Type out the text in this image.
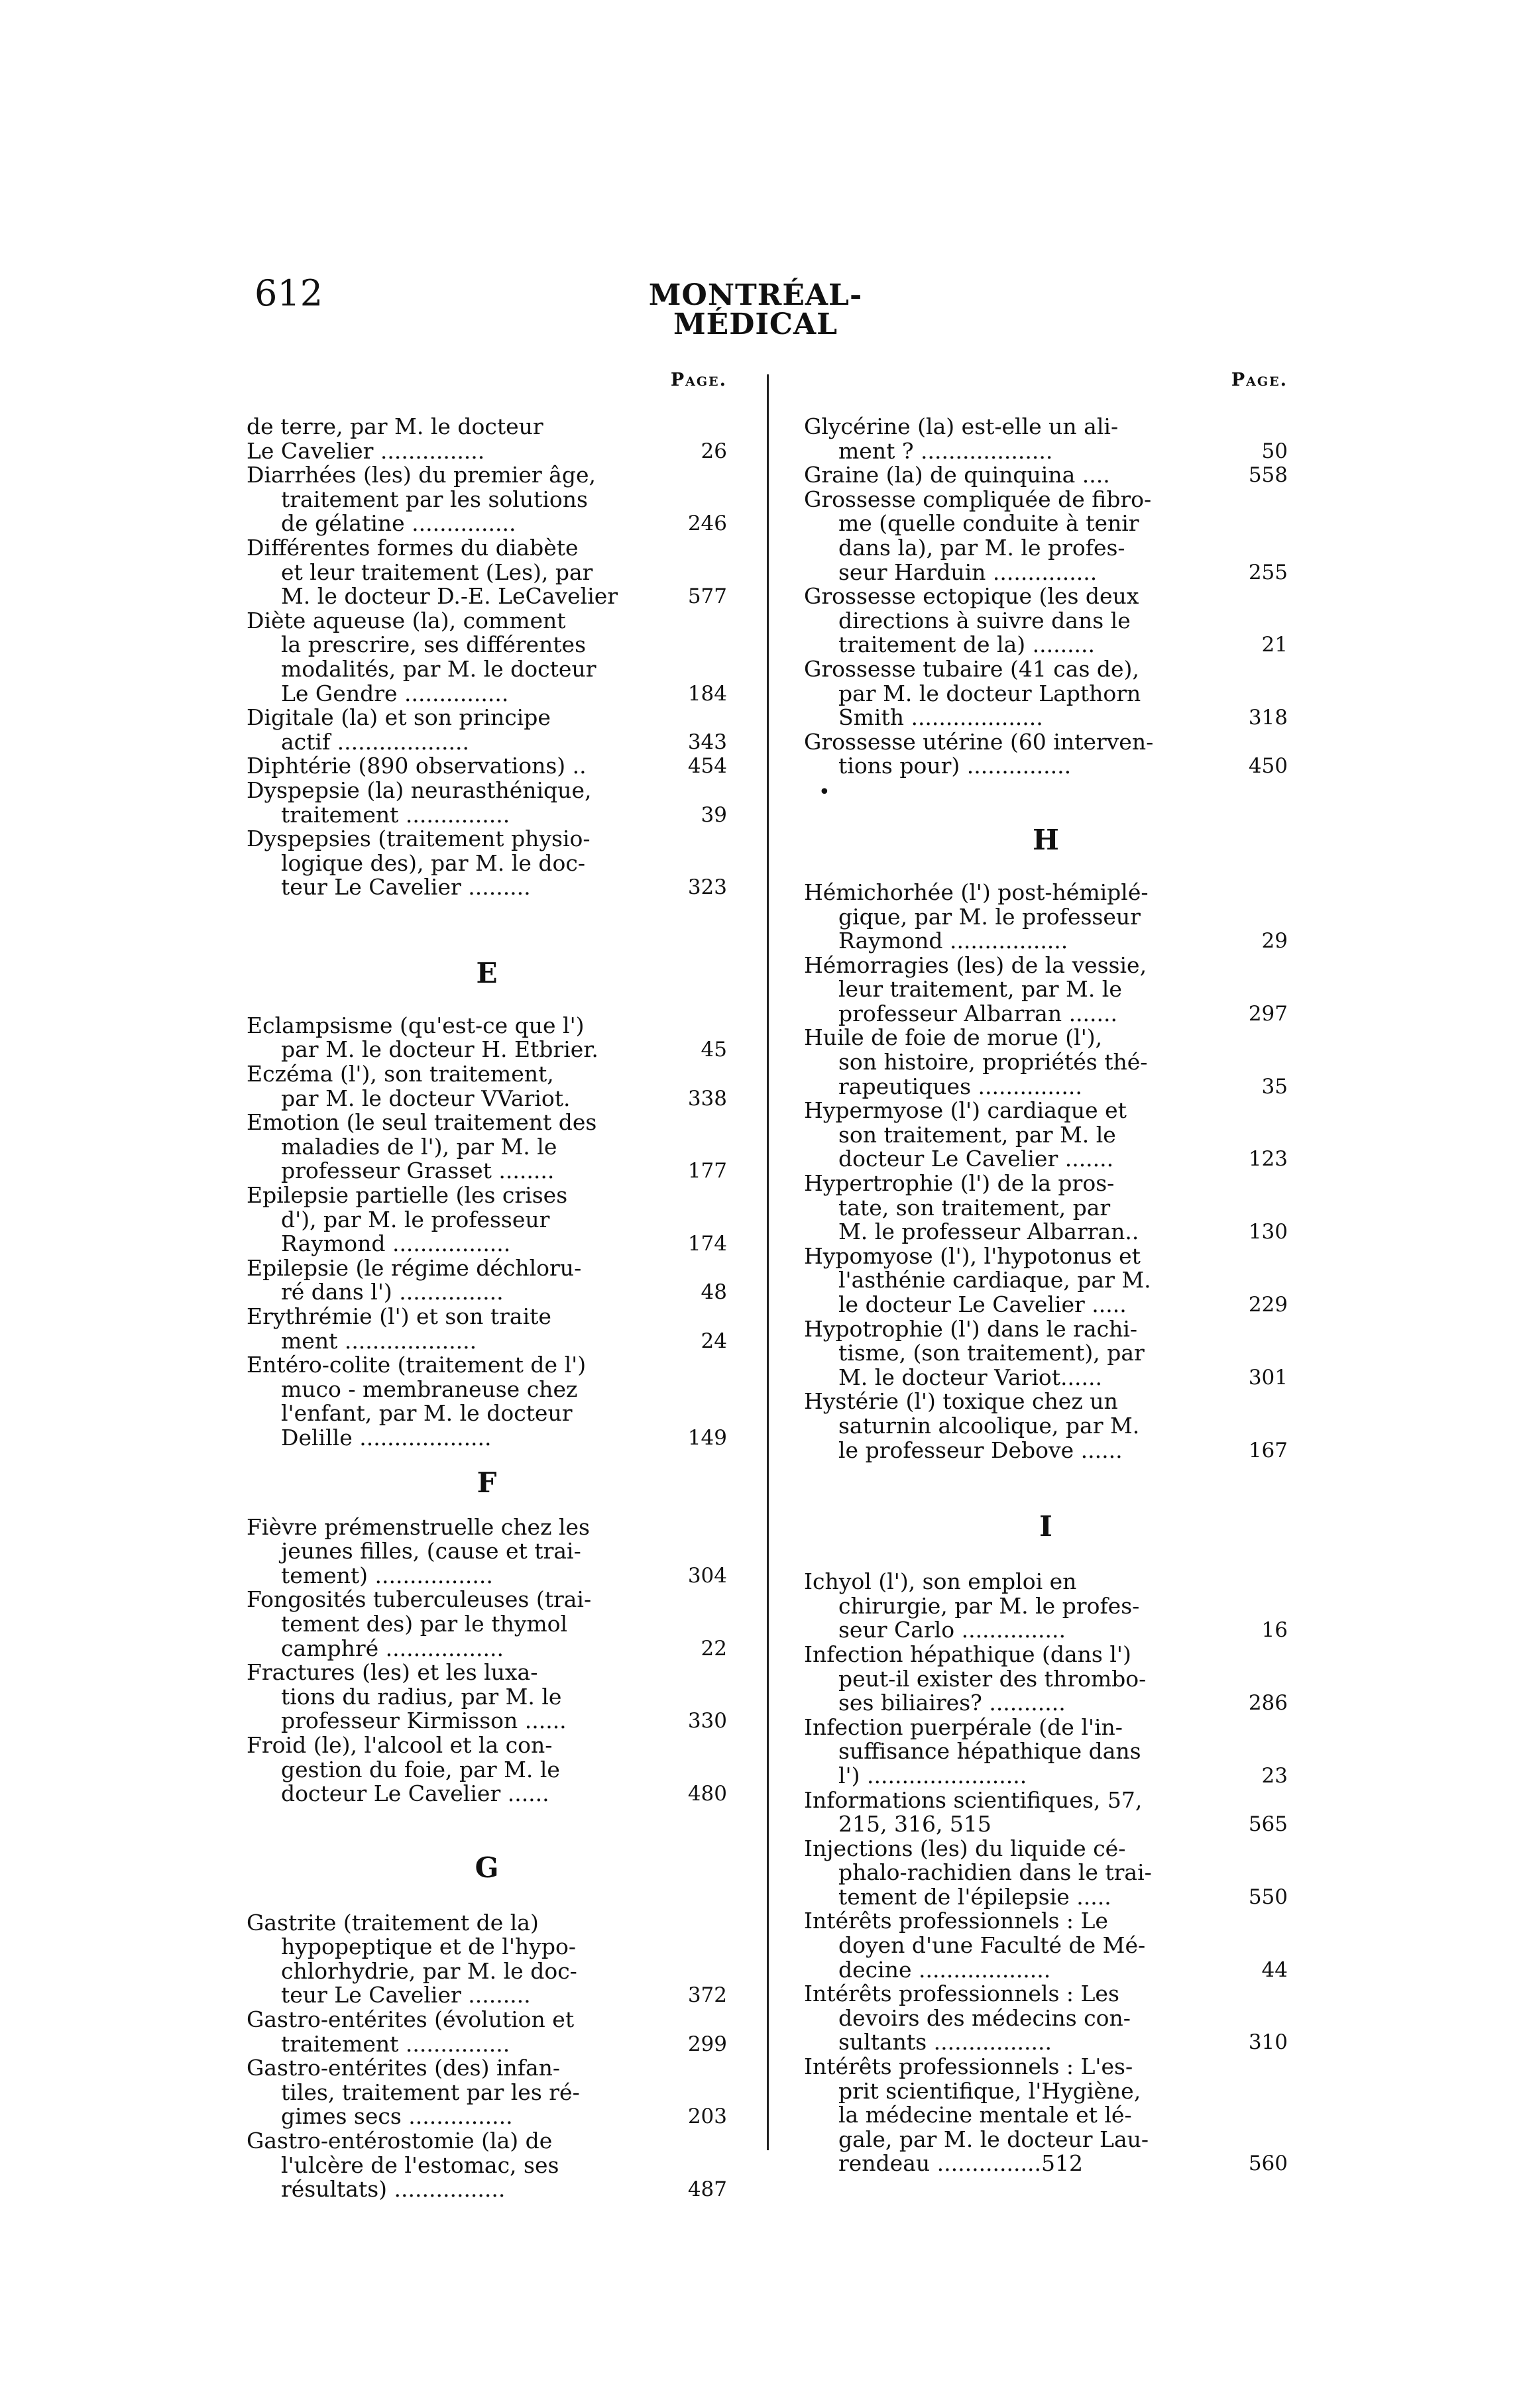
612	MONTRÉAL-MÉDICAL
Page.
de terre, par M. le docteur
Le Cavelier ...............	26
Diarrhées (les) du premier âge,
traitement par les solutions
de gélatine ...............	246
Différentes formes du diabète
et leur traitement (Les), par
M. le docteur D.-E. LeCavelier	577
Diète aqueuse (la), comment
la prescrire, ses différentes
modalités, par M. le docteur
Le Gendre ...............	184
Digitale (la) et son principe
actif ...................	343
Diphtérie (890 observations) ..	454
Dyspepsie (la) neurasthénique,
traitement ...............	39
Dyspepsies (traitement physio-
logique des), par M. le doc-
teur Le Cavelier .........	323
E
Eclampsisme (qu'est-ce que l')
par M. le docteur H. Etbrier.	45
Eczéma (l'), son traitement,
par M. le docteur VVariot.	338
Emotion (le seul traitement des
maladies de l'), par M. le
professeur Grasset ........	177
Epilepsie partielle (les crises
d'), par M. le professeur
Raymond .................	174
Epilepsie (le régime déchloru-
ré dans l') ...............	48
Erythrémie (l') et son traite
ment ...................	24
Entéro-colite (traitement de l')
muco - membraneuse chez
l'enfant, par M. le docteur
Delille ...................	149
F
Fièvre prémenstruelle chez les
jeunes filles, (cause et trai-
tement) .................	304
Fongosités tuberculeuses (trai-
tement des) par le thymol
camphré .................	22
Fractures (les) et les luxa-
tions du radius, par M. le
professeur Kirmisson ......	330
Froid (le), l'alcool et la con-
gestion du foie, par M. le
docteur Le Cavelier ......	480
G
Gastrite (traitement de la)
hypopeptique et de l'hypo-
chlorhydrie, par M. le doc-
teur Le Cavelier .........	372
Gastro-entérites (évolution et
traitement ...............	299
Gastro-entérites (des) infan-
tiles, traitement par les ré-
gimes secs ...............	203
Gastro-entérostomie (la) de
l'ulcère de l'estomac, ses
résultats) ................	487
Page.
Glycérine (la) est-elle un ali-
ment ? ...................	50
Graine (la) de quinquina ....	558
Grossesse compliquée de fibro-
me (quelle conduite à tenir
dans la), par M. le profes-
seur Harduin ...............	255
Grossesse ectopique (les deux
directions à suivre dans le
traitement de la) .........	21
Grossesse tubaire (41 cas de),
par M. le docteur Lapthorn
Smith ...................	318
Grossesse utérine (60 interven-
tions pour) ...............	450
•
H
Hémichorhée (l') post-hémiplé-
gique, par M. le professeur
Raymond .................	29
Hémorragies (les) de la vessie,
leur traitement, par M. le
professeur Albarran .......	297
Huile de foie de morue (l'),
son histoire, propriétés thé-
rapeutiques ...............	35
Hypermyose (l') cardiaque et
son traitement, par M. le
docteur Le Cavelier .......	123
Hypertrophie (l') de la pros-
tate, son traitement, par
M. le professeur Albarran..	130
Hypomyose (l'), l'hypotonus et
l'asthénie cardiaque, par M.
le docteur Le Cavelier .....	229
Hypotrophie (l') dans le rachi-
tisme, (son traitement), par
M. le docteur Variot......	301
Hystérie (l') toxique chez un
saturnin alcoolique, par M.
le professeur Debove ......	167
I
Ichyol (l'), son emploi en
chirurgie, par M. le profes-
seur Carlo ...............	16
Infection hépathique (dans l')
peut-il exister des thrombo-
ses biliaires? ...........	286
Infection puerpérale (de l'in-
suffisance hépathique dans
l') .......................	23
Informations scientifiques, 57,
215, 316, 515	565
Injections (les) du liquide cé-
phalo-rachidien dans le trai-
tement de l'épilepsie .....	550
Intérêts professionnels : Le
doyen d'une Faculté de Mé-
decine ...................	44
Intérêts professionnels : Les
devoirs des médecins con-
sultants .................	310
Intérêts professionnels : L'es-
prit scientifique, l'Hygiène,
la médecine mentale et lé-
gale, par M. le docteur Lau-
rendeau ...............512	560
